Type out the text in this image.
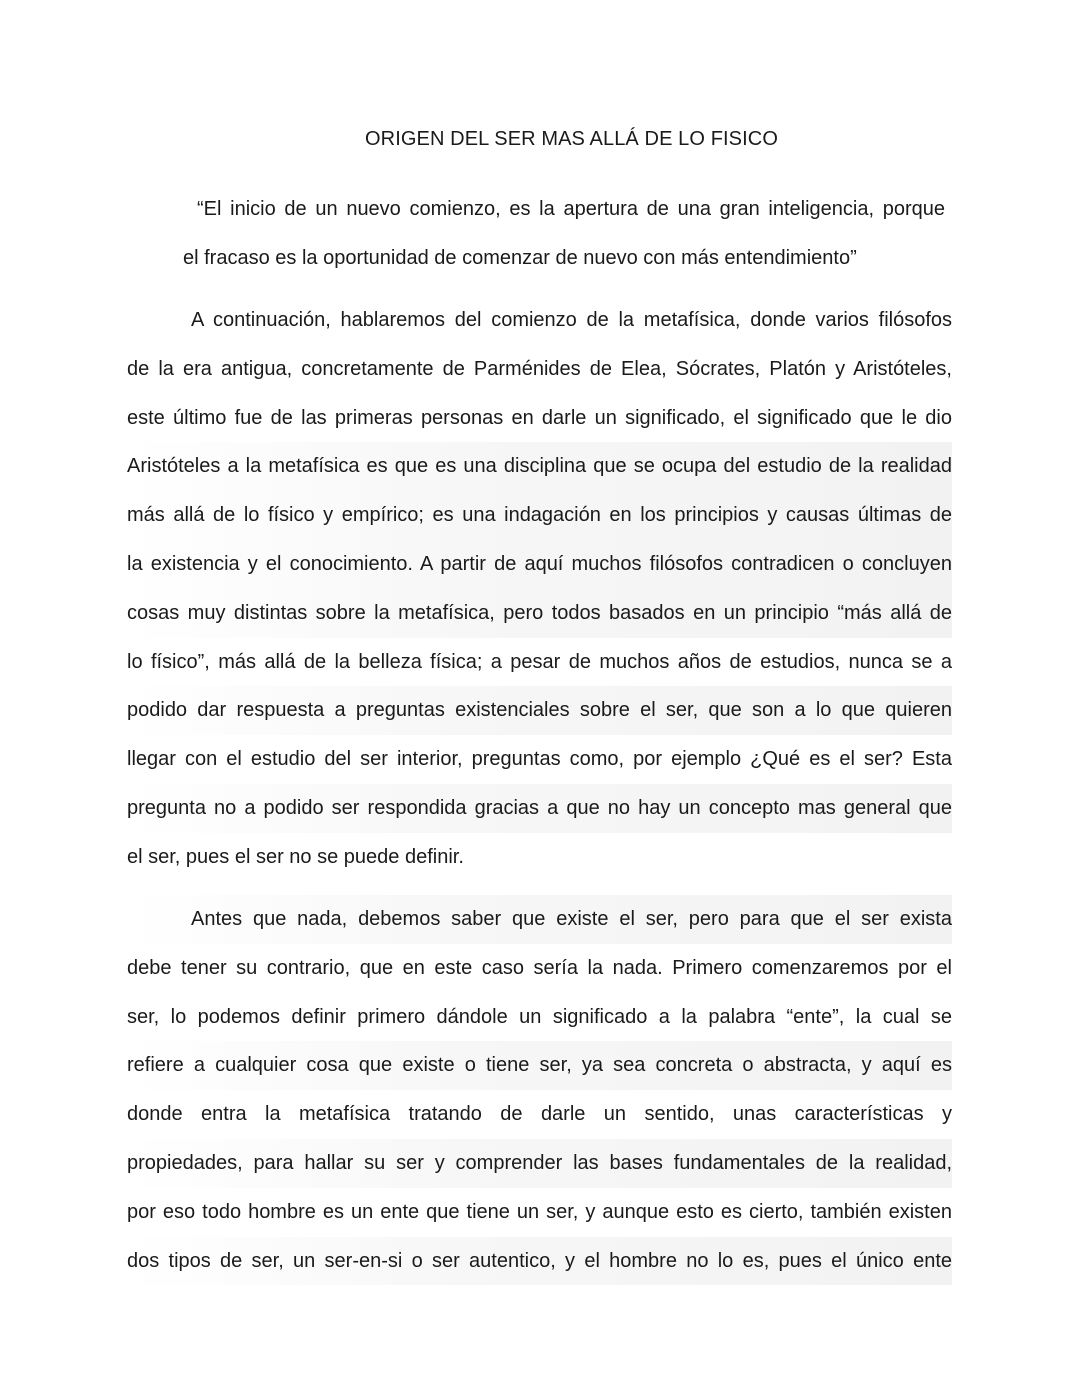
ORIGEN DEL SER MAS ALLÁ DE LO FISICO
“El inicio de un nuevo comienzo, es la apertura de una gran inteligencia, porque
el fracaso es la oportunidad de comenzar de nuevo con más entendimiento”
A continuación, hablaremos del comienzo de la metafísica, donde varios filósofos
de la era antigua, concretamente de Parménides de Elea, Sócrates, Platón y Aristóteles,
este último fue de las primeras personas en darle un significado, el significado que le dio
Aristóteles a la metafísica es que es una disciplina que se ocupa del estudio de la realidad
más allá de lo físico y empírico; es una indagación en los principios y causas últimas de
la existencia y el conocimiento. A partir de aquí muchos filósofos contradicen o concluyen
cosas muy distintas sobre la metafísica, pero todos basados en un principio “más allá de
lo físico”, más allá de la belleza física; a pesar de muchos años de estudios, nunca se a
podido dar respuesta a preguntas existenciales sobre el ser, que son a lo que quieren
llegar con el estudio del ser interior, preguntas como, por ejemplo ¿Qué es el ser? Esta
pregunta no a podido ser respondida gracias a que no hay un concepto mas general que
el ser, pues el ser no se puede definir.
Antes que nada, debemos saber que existe el ser, pero para que el ser exista
debe tener su contrario, que en este caso sería la nada. Primero comenzaremos por el
ser, lo podemos definir primero dándole un significado a la palabra “ente”, la cual se
refiere a cualquier cosa que existe o tiene ser, ya sea concreta o abstracta, y aquí es
donde entra la metafísica tratando de darle un sentido, unas características y
propiedades, para hallar su ser y comprender las bases fundamentales de la realidad,
por eso todo hombre es un ente que tiene un ser, y aunque esto es cierto, también existen
dos tipos de ser, un ser-en-si o ser autentico, y el hombre no lo es, pues el único ente
